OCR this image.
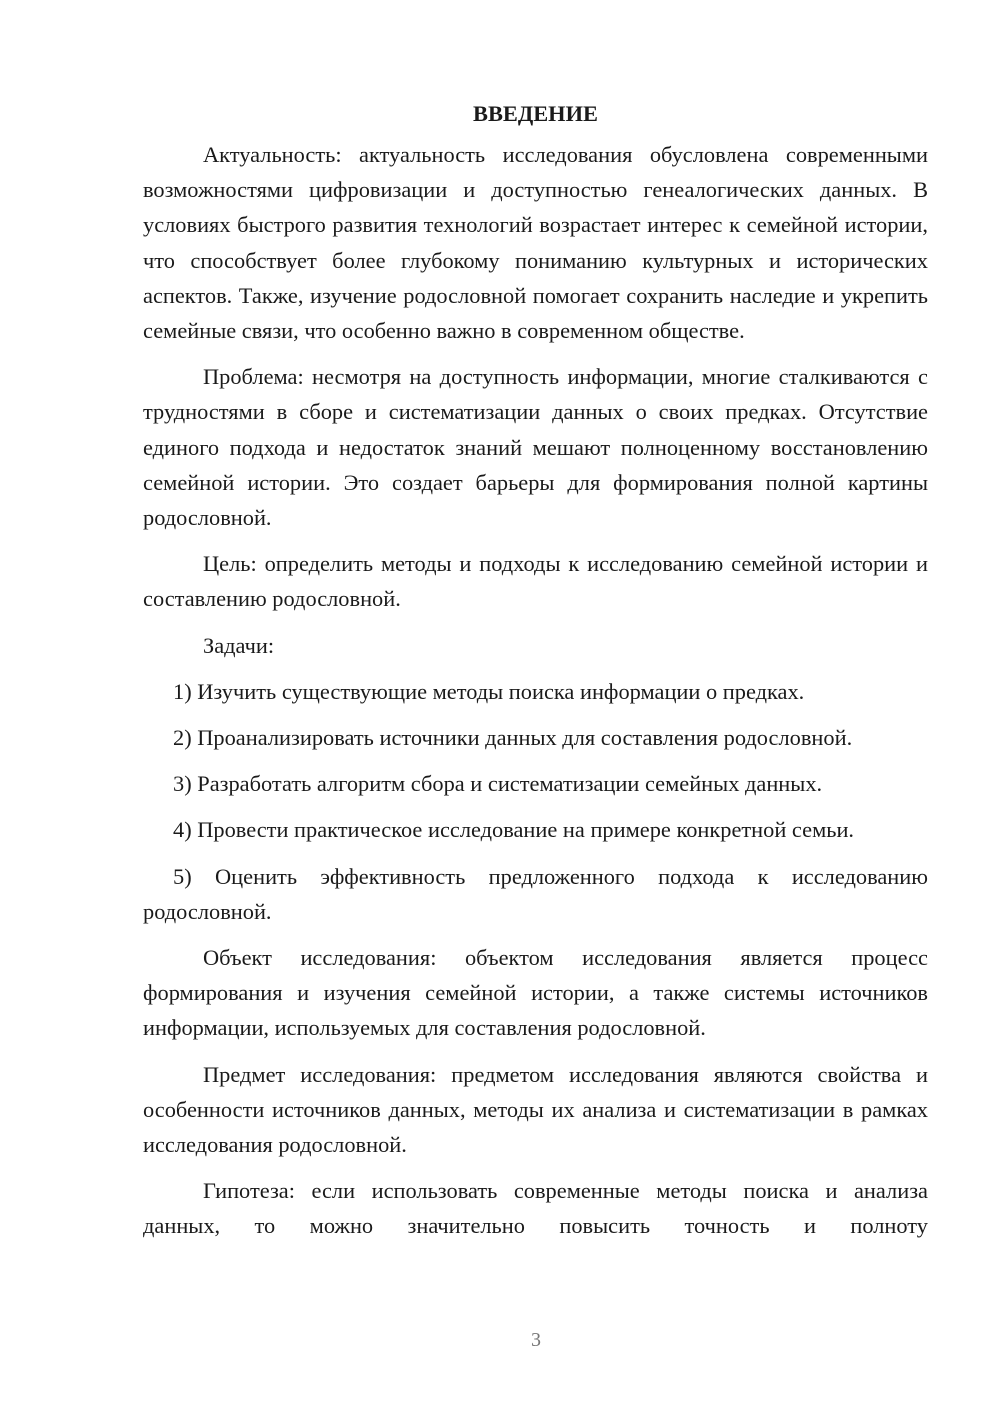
ВВЕДЕНИЕ

Актуальность: актуальность исследования обусловлена современными возможностями цифровизации и доступностью генеалогических данных. В условиях быстрого развития технологий возрастает интерес к семейной истории, что способствует более глубокому пониманию культурных и исторических аспектов. Также, изучение родословной помогает сохранить наследие и укрепить семейные связи, что особенно важно в современном обществе.

Проблема: несмотря на доступность информации, многие сталкиваются с трудностями в сборе и систематизации данных о своих предках. Отсутствие единого подхода и недостаток знаний мешают полноценному восстановлению семейной истории. Это создает барьеры для формирования полной картины родословной.

Цель: определить методы и подходы к исследованию семейной истории и составлению родословной.

Задачи:

1) Изучить существующие методы поиска информации о предках.

2) Проанализировать источники данных для составления родословной.

3) Разработать алгоритм сбора и систематизации семейных данных.

4) Провести практическое исследование на примере конкретной семьи.

5) Оценить эффективность предложенного подхода к исследованию родословной.

Объект исследования: объектом исследования является процесс формирования и изучения семейной истории, а также системы источников информации, используемых для составления родословной.

Предмет исследования: предметом исследования являются свойства и особенности источников данных, методы их анализа и систематизации в рамках исследования родословной.

Гипотеза: если использовать современные методы поиска и анализа данных, то можно значительно повысить точность и полноту

3
